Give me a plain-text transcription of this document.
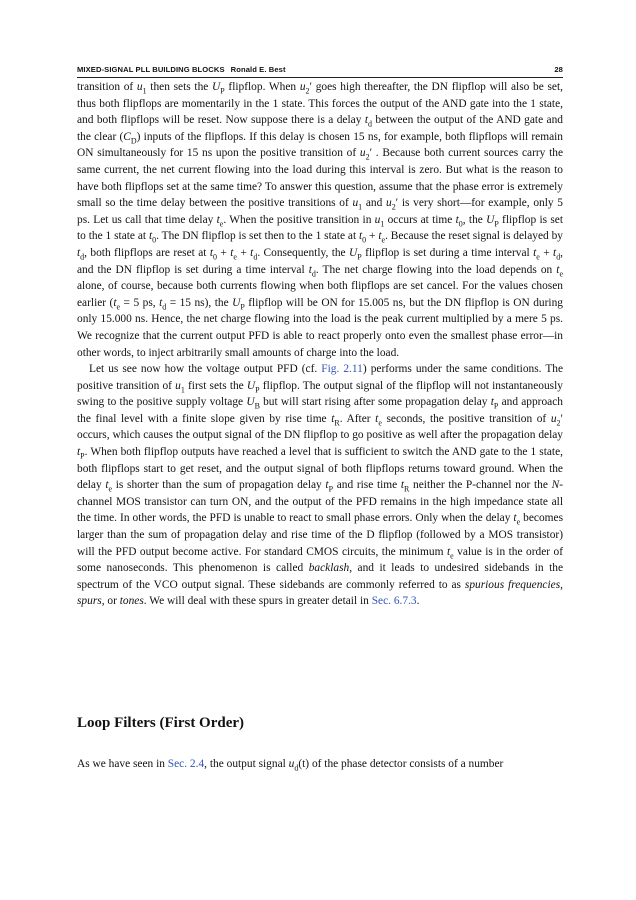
MIXED-SIGNAL PLL BUILDING BLOCKS Ronald E. Best	28

transition of $u_1$ then sets the $U_P$ flipflop. When $u_2'$ goes high thereafter, the DN flipflop will also be set, thus both flipflops are momentarily in the 1 state. This forces the output of the AND gate into the 1 state, and both flipflops will be reset. Now suppose there is a delay $t_d$ between the output of the AND gate and the clear $(C_D)$ inputs of the flipflops. If this delay is chosen 15 ns, for example, both flipflops will remain ON simultaneously for 15 ns upon the positive transition of $u_2'$ . Because both current sources carry the same current, the net current flowing into the load during this interval is zero. But what is the reason to have both flipflops set at the same time? To answer this question, assume that the phase error is extremely small so the time delay between the positive transitions of $u_1$ and $u_2'$ is very short—for example, only 5 ps. Let us call that time delay $t_e$. When the positive transition in $u_1$ occurs at time $t_0$, the $U_P$ flipflop is set to the 1 state at $t_0$. The DN flipflop is set then to the 1 state at $t_0 + t_e$. Because the reset signal is delayed by $t_d$, both flipflops are reset at $t_0 + t_e + t_d$. Consequently, the $U_P$ flipflop is set during a time interval $t_e + t_d$, and the DN flipflop is set during a time interval $t_d$. The net charge flowing into the load depends on $t_e$ alone, of course, because both currents flowing when both flipflops are set cancel. For the values chosen earlier ($t_e = 5$ ps, $t_d = 15$ ns), the $U_P$ flipflop will be ON for 15.005 ns, but the DN flipflop is ON during only 15.000 ns. Hence, the net charge flowing into the load is the peak current multiplied by a mere 5 ps. We recognize that the current output PFD is able to react properly onto even the smallest phase error—in other words, to inject arbitrarily small amounts of charge into the load.

Let us see now how the voltage output PFD (cf. Fig. 2.11) performs under the same conditions. The positive transition of $u_1$ first sets the $U_P$ flipflop. The output signal of the flipflop will not instantaneously swing to the positive supply voltage $U_B$ but will start rising after some propagation delay $t_P$ and approach the final level with a finite slope given by rise time $t_R$. After $t_e$ seconds, the positive transition of $u_2'$ occurs, which causes the output signal of the DN flipflop to go positive as well after the propagation delay $t_P$. When both flipflop outputs have reached a level that is sufficient to switch the AND gate to the 1 state, both flipflops start to get reset, and the output signal of both flipflops returns toward ground. When the delay $t_e$ is shorter than the sum of propagation delay $t_P$ and rise time $t_R$ neither the P-channel nor the N-channel MOS transistor can turn ON, and the output of the PFD remains in the high impedance state all the time. In other words, the PFD is unable to react to small phase errors. Only when the delay $t_e$ becomes larger than the sum of propagation delay and rise time of the D flipflop (followed by a MOS transistor) will the PFD output become active. For standard CMOS circuits, the minimum $t_e$ value is in the order of some nanoseconds. This phenomenon is called backlash, and it leads to undesired sidebands in the spectrum of the VCO output signal. These sidebands are commonly referred to as spurious frequencies, spurs, or tones. We will deal with these spurs in greater detail in Sec. 6.7.3.

Loop Filters (First Order)

As we have seen in Sec. 2.4, the output signal $u_d(t)$ of the phase detector consists of a number
